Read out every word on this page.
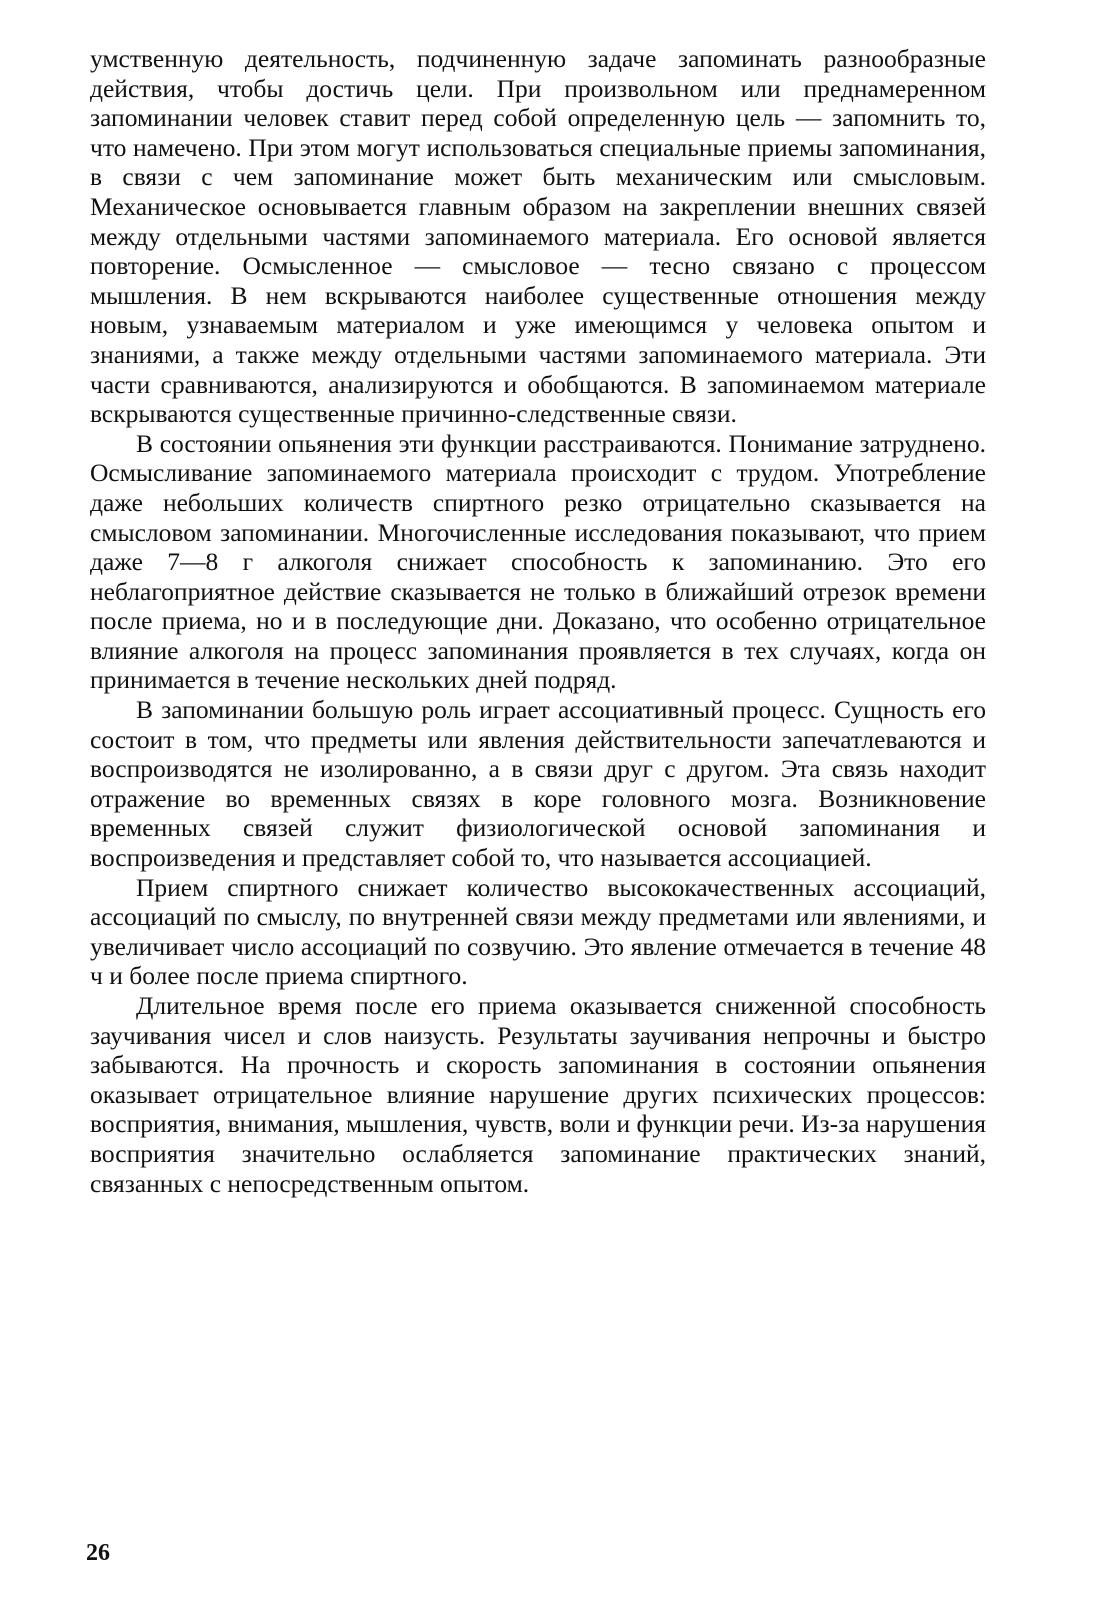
умственную деятельность, подчиненную задаче запоминать разнообразные действия, чтобы достичь цели. При произвольном или преднамеренном запоминании человек ставит перед собой определенную цель — запомнить то, что намечено. При этом могут использоваться специальные приемы запоминания, в связи с чем запоминание может быть механическим или смысловым. Механическое основывается главным образом на закреплении внешних связей между отдельными частями запоминаемого материала. Его основой является повторение. Осмысленное — смысловое — тесно связано с процессом мышления. В нем вскрываются наиболее существенные отношения между новым, узнаваемым материалом и уже имеющимся у человека опытом и знаниями, а также между отдельными частями запоминаемого материала. Эти части сравниваются, анализируются и обобщаются. В запоминаемом материале вскрываются существенные причинно-следственные связи.

В состоянии опьянения эти функции расстраиваются. Понимание затруднено. Осмысливание запоминаемого материала происходит с трудом. Употребление даже небольших количеств спиртного резко отрицательно сказывается на смысловом запоминании. Многочисленные исследования показывают, что прием даже 7—8 г алкоголя снижает способность к запоминанию. Это его неблагоприятное действие сказывается не только в ближайший отрезок времени после приема, но и в последующие дни. Доказано, что особенно отрицательное влияние алкоголя на процесс запоминания проявляется в тех случаях, когда он принимается в течение нескольких дней подряд.

В запоминании большую роль играет ассоциативный процесс. Сущность его состоит в том, что предметы или явления действительности запечатлеваются и воспроизводятся не изолированно, а в связи друг с другом. Эта связь находит отражение во временных связях в коре головного мозга. Возникновение временных связей служит физиологической основой запоминания и воспроизведения и представляет собой то, что называется ассоциацией.

Прием спиртного снижает количество высококачественных ассоциаций, ассоциаций по смыслу, по внутренней связи между предметами или явлениями, и увеличивает число ассоциаций по созвучию. Это явление отмечается в течение 48 ч и более после приема спиртного.

Длительное время после его приема оказывается сниженной способность заучивания чисел и слов наизусть. Результаты заучивания непрочны и быстро забываются. На прочность и скорость запоминания в состоянии опьянения оказывает отрицательное влияние нарушение других психических процессов: восприятия, внимания, мышления, чувств, воли и функции речи. Из-за нарушения восприятия значительно ослабляется запоминание практических знаний, связанных с непосредственным опытом.

26
